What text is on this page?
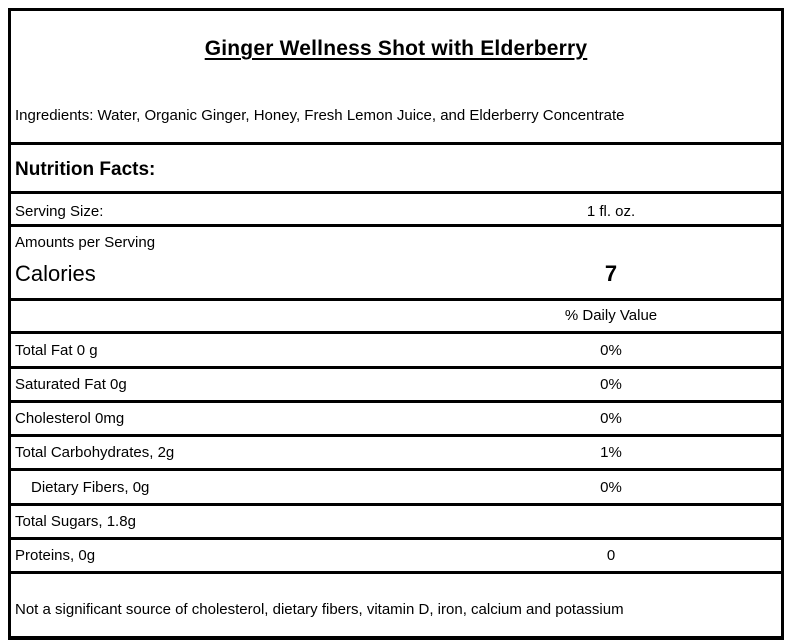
Ginger Wellness Shot with Elderberry
Ingredients: Water, Organic Ginger, Honey, Fresh Lemon Juice, and Elderberry Concentrate
Nutrition Facts:
Serving Size:	1 fl. oz.
Amounts per Serving
Calories	7
% Daily Value
Total Fat 0 g	0%
Saturated Fat 0g	0%
Cholesterol 0mg	0%
Total Carbohydrates, 2g	1%
Dietary Fibers, 0g	0%
Total Sugars, 1.8g
Proteins, 0g	0
Not a significant source of cholesterol, dietary fibers, vitamin D, iron, calcium and potassium
